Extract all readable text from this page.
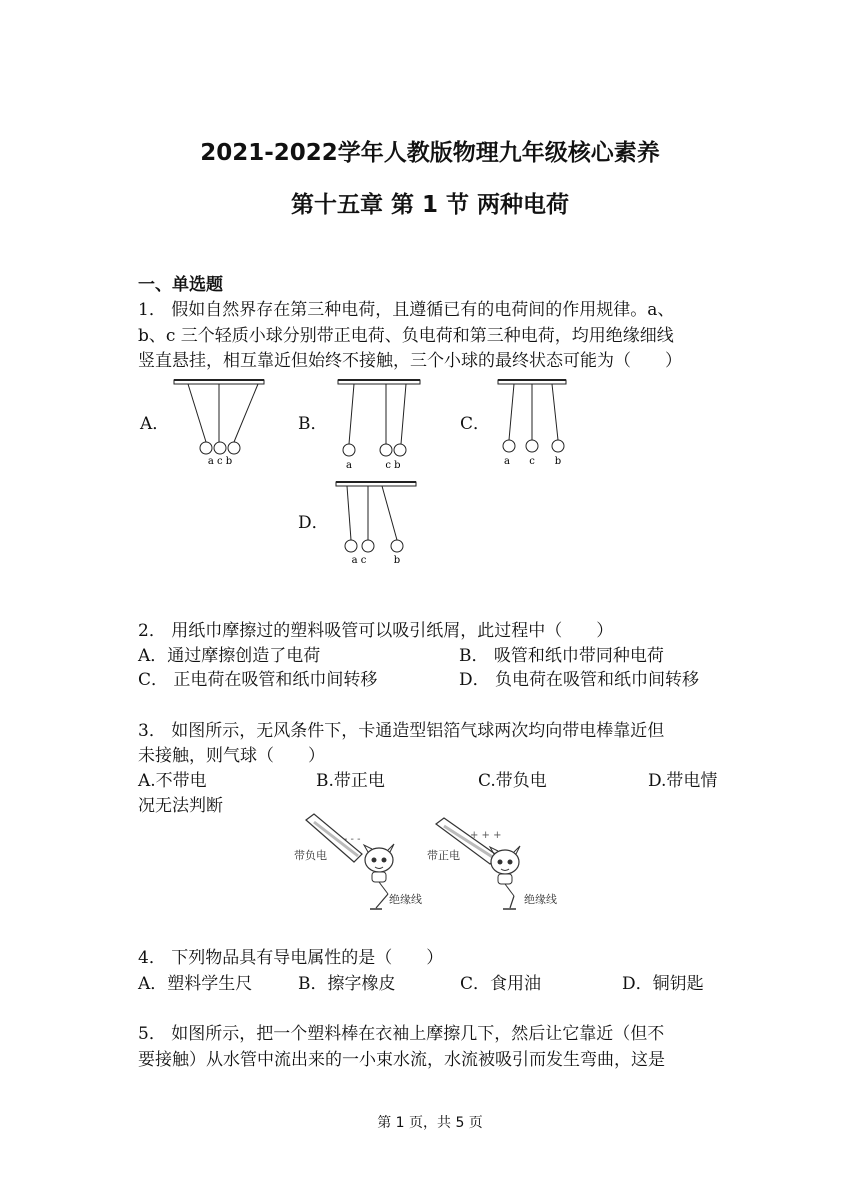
2021-2022学年人教版物理九年级核心素养
第十五章 第 1 节 两种电荷
一、单选题
1． 假如自然界存在第三种电荷，且遵循已有的电荷间的作用规律。a、
b、c 三个轻质小球分别带正电荷、负电荷和第三种电荷，均用绝缘细线
竖直悬挂，相互靠近但始终不接触，三个小球的最终状态可能为（　　）
A．	B．	C．
D．
a c b	a	c b	a c b
a c	b
2． 用纸巾摩擦过的塑料吸管可以吸引纸屑，此过程中（　　）
A．通过摩擦创造了电荷	B． 吸管和纸巾带同种电荷
C． 正电荷在吸管和纸巾间转移	D． 负电荷在吸管和纸巾间转移
3． 如图所示，无风条件下，卡通造型铝箔气球两次均向带电棒靠近但
未接触，则气球（　　）
A.不带电	B.带正电	C.带负电	D.带电情
况无法判断
- - -
带负电
绝缘线
+ + +
带正电
绝缘线
4． 下列物品具有导电属性的是（　　）
A．塑料学生尺	B．擦字橡皮	C．食用油	D．铜钥匙
5． 如图所示，把一个塑料棒在衣袖上摩擦几下，然后让它靠近（但不
要接触）从水管中流出来的一小束水流，水流被吸引而发生弯曲，这是
第 1 页，共 5 页
